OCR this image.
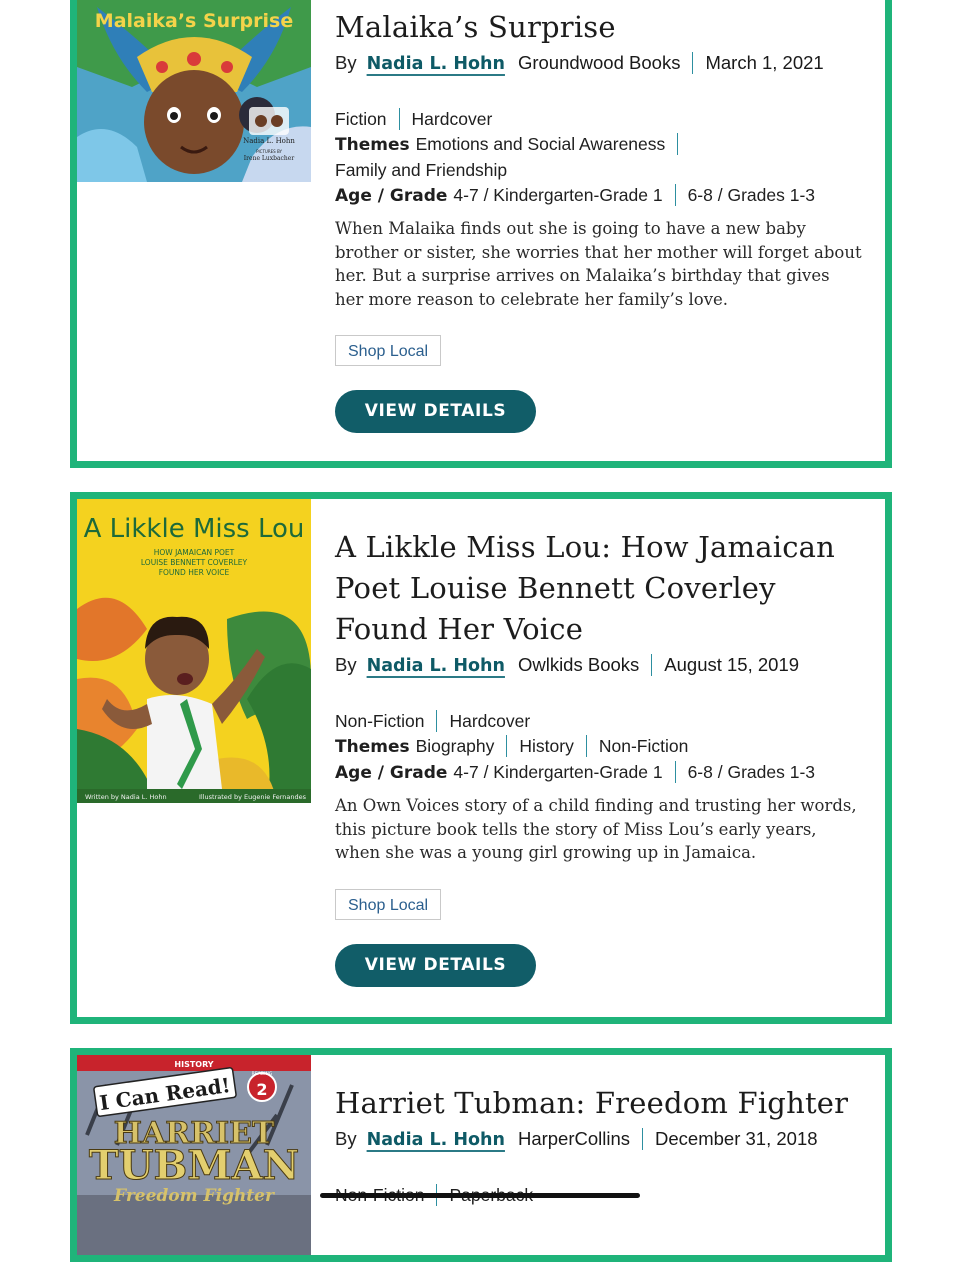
Malaika’s Surprise
Nadia L. Hohn
PICTURES BY
Irene Luxbacher
Malaika’s Surprise
By Nadia L. Hohn Groundwood Books March 1, 2021
Fiction Hardcover
Themes Emotions and Social Awareness
Family and Friendship
Age / Grade 4-7 / Kindergarten-Grade 1 6-8 / Grades 1-3
When Malaika finds out she is going to have a new baby brother or sister, she worries that her mother will forget about her. But a surprise arrives on Malaika’s birthday that gives her more reason to celebrate her family’s love.
Shop Local
VIEW DETAILS
A Likkle Miss Lou
HOW JAMAICAN POET
LOUISE BENNETT COVERLEY
FOUND HER VOICE
Written by Nadia L. Hohn	Illustrated by Eugenie Fernandes
A Likkle Miss Lou: How Jamaican Poet Louise Bennett Coverley Found Her Voice
By Nadia L. Hohn Owlkids Books August 15, 2019
Non-Fiction Hardcover
Themes Biography History Non-Fiction
Age / Grade 4-7 / Kindergarten-Grade 1 6-8 / Grades 1-3
An Own Voices story of a child finding and trusting her words, this picture book tells the story of Miss Lou’s early years, when she was a young girl growing up in Jamaica.
Shop Local
VIEW DETAILS
HISTORY
I Can Read!	READING
2
HARRIET
TUBMAN
Freedom Fighter
Harriet Tubman: Freedom Fighter
By Nadia L. Hohn HarperCollins December 31, 2018
